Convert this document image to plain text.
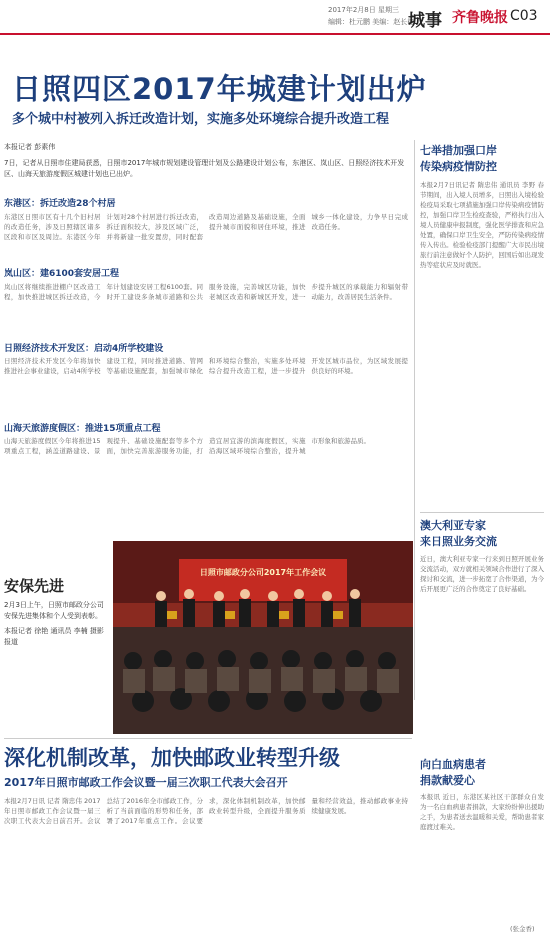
2017年2月8日 星期三
编辑：杜元鹏 美编：赵长德
城事 齐鲁晚报 C03
日照四区2017年城建计划出炉
多个城中村被列入拆迁改造计划，实施多处环境综合提升改造工程
本报记者 彭素伟
7日，记者从日照市住建局获悉，日照市2017年城市规划建设管理计划及公路建设计划公布，东港区、岚山区、日照经济技术开发区、山海天旅游度假区城建计划也已出炉。
东港区：拆迁改造28个村居
东港区日照市区有十几个旧村居的改造任务，涉及日照辖区诸多区段和市区及周边。东港区今年计划对28个村居进行拆迁改造，拆迁面积较大，涉及区域广泛，并将新建一批安置房，同时配套改造周边道路及基础设施，全面提升城市面貌和居住环境，推进城乡一体化建设，力争早日完成改造任务。
岚山区：建6100套安居工程
岚山区将继续推进棚户区改造工程，加快推进城区拆迁改造，今年计划建设安居工程6100套。同时开工建设多条城市道路和公共服务设施，完善城区功能，加快老城区改造和新城区开发，进一步提升城区的承载能力和辐射带动能力，改善居民生活条件。
日照经济技术开发区：启动4所学校建设
日照经济技术开发区今年将加快推进社会事业建设，启动4所学校建设工程，同时推进道路、管网等基础设施配套，加强城市绿化和环境综合整治，实施多处环境综合提升改造工程，进一步提升开发区城市品位，为区域发展提供良好的环境。
山海天旅游度假区：推进15项重点工程
山海天旅游度假区今年将推进15项重点工程，涵盖道路建设、景观提升、基础设施配套等多个方面，加快完善旅游服务功能，打造宜居宜游的滨海度假区，实施沿海区域环境综合整治，提升城市形象和旅游品质。
七举措加强口岸
传染病疫情防控
本报2月7日讯记者 隋忠伟 通讯员 李野 春节期间，出入境人员增多，日照出入境检验检疫局采取七项措施加强口岸传染病疫情防控，加强口岸卫生检疫查验，严格执行出入境人员健康申报制度，强化医学排查和应急处置，确保口岸卫生安全，严防传染病疫情传入传出。检验检疫部门提醒广大市民出境旅行前注意做好个人防护，回国后如出现发热等症状应及时就医。
澳大利亚专家
来日照业务交流
近日，澳大利亚专家一行来到日照开展业务交流活动，双方就相关领域合作进行了深入探讨和交流，进一步拓宽了合作渠道，为今后开展更广泛的合作奠定了良好基础。
向白血病患者
捐款献爱心
本报讯 近日，东港区某社区干部群众自发为一名白血病患者捐款，大家纷纷伸出援助之手，为患者送去温暖和关爱，帮助患者家庭渡过难关。
(张金香)
安保先进
2月3日上午，日照市邮政分公司安保先进集体和个人受到表彰。
本报记者 徐艳 通讯员 李楠 摄影报道
日照市邮政分公司2017年工作会议
深化机制改革，加快邮政业转型升级
2017年日照市邮政工作会议暨一届三次职工代表大会召开
本报2月7日讯 记者 隋忠伟 2017年日照市邮政工作会议暨一届三次职工代表大会日前召开。会议总结了2016年全市邮政工作，分析了当前面临的形势和任务，部署了2017年重点工作。会议要求，深化体制机制改革，加快邮政业转型升级，全面提升服务质量和经营效益，推动邮政事业持续健康发展。
